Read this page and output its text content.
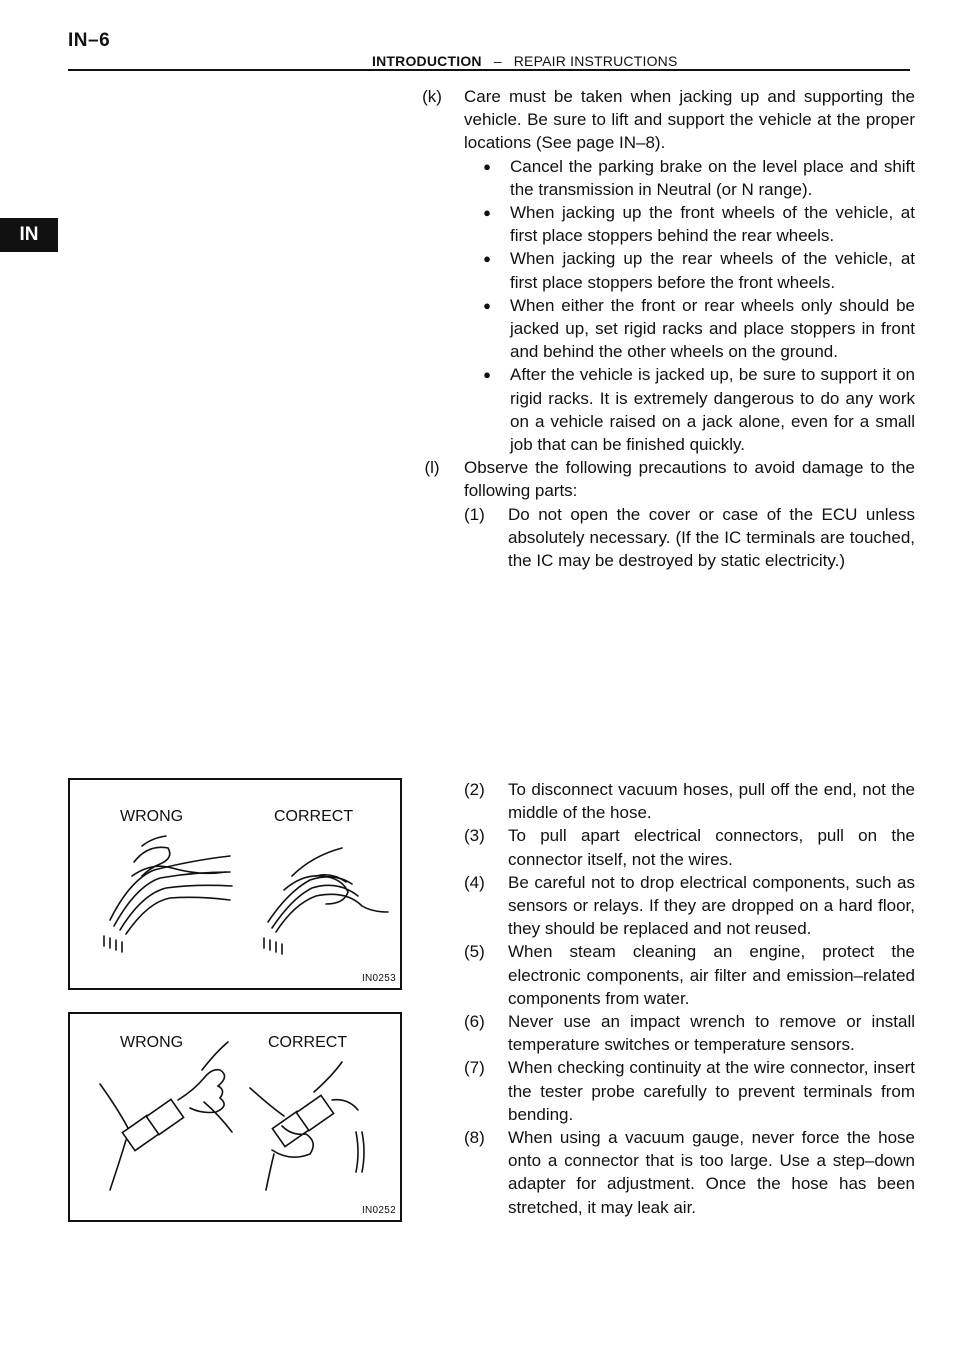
IN–6
INTRODUCTION – REPAIR INSTRUCTIONS
IN
(k)	Care must be taken when jacking up and supporting the vehicle. Be sure to lift and support the vehicle at the proper locations (See page IN–8).
●	Cancel the parking brake on the level place and shift the transmission in Neutral (or N range).
●	When jacking up the front wheels of the vehicle, at first place stoppers behind the rear wheels.
●	When jacking up the rear wheels of the vehicle, at first place stoppers before the front wheels.
●	When either the front or rear wheels only should be jacked up, set rigid racks and place stoppers in front and behind the other wheels on the ground.
●	After the vehicle is jacked up, be sure to support it on rigid racks. It is extremely dangerous to do any work on a vehicle raised on a jack alone, even for a small job that can be finished quickly.
(l)	Observe the following precautions to avoid damage to the following parts:
(1)	Do not open the cover or case of the ECU unless absolutely necessary. (If the IC terminals are touched, the IC may be destroyed by static electricity.)
(2)	To disconnect vacuum hoses, pull off the end, not the middle of the hose.
(3)	To pull apart electrical connectors, pull on the connector itself, not the wires.
(4)	Be careful not to drop electrical components, such as sensors or relays. If they are dropped on a hard floor, they should be replaced and not reused.
(5)	When steam cleaning an engine, protect the electronic components, air filter and emission–related components from water.
(6)	Never use an impact wrench to remove or install temperature switches or temperature sensors.
(7)	When checking continuity at the wire connector, insert the tester probe carefully to prevent terminals from bending.
(8)	When using a vacuum gauge, never force the hose onto a connector that is too large. Use a step–down adapter for adjustment. Once the hose has been stretched, it may leak air.
WRONG	CORRECT
IN0253
WRONG	CORRECT
IN0252
